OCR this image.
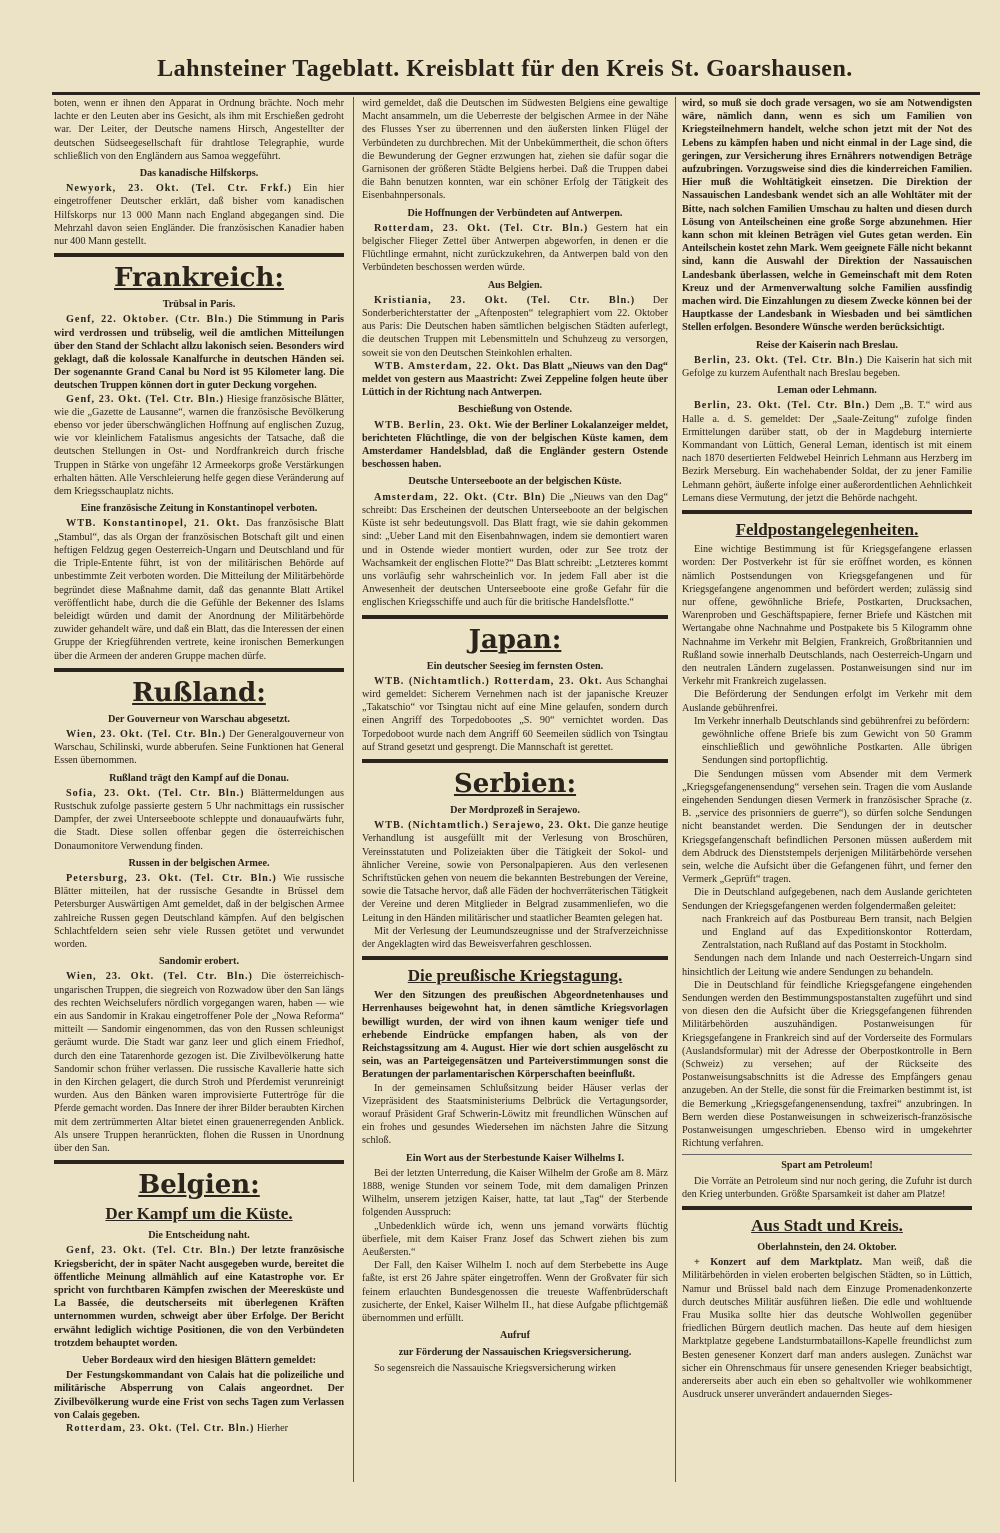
Lahnsteiner Tageblatt. Kreisblatt für den Kreis St. Goarshausen.

boten, wenn er ihnen den Apparat in Ordnung brächte. Noch mehr lachte er den Leuten aber ins Gesicht, als ihm mit Erschießen gedroht war. Der Leiter, der Deutsche namens Hirsch, Angestellter der deutschen Südseegesellschaft für drahtlose Telegraphie, wurde schließlich von den Engländern aus Samoa weggeführt.

Das kanadische Hilfskorps.

Newyork, 23. Okt. (Tel. Ctr. Frkf.) Ein hier eingetroffener Deutscher erklärt, daß bisher vom kanadischen Hilfskorps nur 13 000 Mann nach England abgegangen sind. Die Mehrzahl davon seien Engländer. Die französischen Kanadier haben nur 400 Mann gestellt.

Frankreich:
Trübsal in Paris.

Genf, 22. Oktober. (Ctr. Bln.) Die Stimmung in Paris wird verdrossen und trübselig, weil die amtlichen Mitteilungen über den Stand der Schlacht allzu lakonisch seien. Besonders wird geklagt, daß die kolossale Kanalfurche in deutschen Händen sei. Der sogenannte Grand Canal bu Nord ist 95 Kilometer lang. Die deutschen Truppen können dort in guter Deckung vorgehen.

Genf, 23. Okt. (Tel. Ctr. Bln.) Hiesige französische Blätter, wie die „Gazette de Lausanne“, warnen die französische Bevölkerung ebenso vor jeder überschwänglichen Hoffnung auf englischen Zuzug, wie vor kleinlichem Fatalismus angesichts der Tatsache, daß die deutschen Stellungen in Ost- und Nordfrankreich durch frische Truppen in Stärke von ungefähr 12 Armeekorps große Verstärkungen erhalten hätten. Alle Verschleierung helfe gegen diese Veränderung auf dem Kriegsschauplatz nichts.

Eine französische Zeitung in Konstantinopel verboten.

WTB. Konstantinopel, 21. Okt. Das französische Blatt „Stambul“, das als Organ der französischen Botschaft gilt und einen heftigen Feldzug gegen Oesterreich-Ungarn und Deutschland und für die Triple-Entente führt, ist von der militärischen Behörde auf unbestimmte Zeit verboten worden. Die Mitteilung der Militärbehörde begründet diese Maßnahme damit, daß das genannte Blatt Artikel veröffentlicht habe, durch die die Gefühle der Bekenner des Islams beleidigt würden und damit der Anordnung der Militärbehörde zuwider gehandelt wäre, und daß ein Blatt, das die Interessen der einen Gruppe der Kriegführenden vertrete, keine ironischen Bemerkungen über die Armeen der anderen Gruppe machen dürfe.

Rußland:
Der Gouverneur von Warschau abgesetzt.

Wien, 23. Okt. (Tel. Ctr. Bln.) Der Generalgouverneur von Warschau, Schilinski, wurde abberufen. Seine Funktionen hat General Essen übernommen.

Rußland trägt den Kampf auf die Donau.

Sofia, 23. Okt. (Tel. Ctr. Bln.) Blättermeldungen aus Rustschuk zufolge passierte gestern 5 Uhr nachmittags ein russischer Dampfer, der zwei Unterseeboote schleppte und donauaufwärts fuhr, die Stadt. Diese sollen offenbar gegen die österreichischen Donaumonitore Verwendung finden.

Russen in der belgischen Armee.

Petersburg, 23. Okt. (Tel. Ctr. Bln.) Wie russische Blätter mitteilen, hat der russische Gesandte in Brüssel dem Petersburger Auswärtigen Amt gemeldet, daß in der belgischen Armee zahlreiche Russen gegen Deutschland kämpfen. Auf den belgischen Schlachtfeldern seien sehr viele Russen getötet und verwundet worden.

Sandomir erobert.

Wien, 23. Okt. (Tel. Ctr. Bln.) Die österreichisch-ungarischen Truppen, die siegreich von Rozwadow über den San längs des rechten Weichselufers nördlich vorgegangen waren, haben — wie ein aus Sandomir in Krakau eingetroffener Pole der „Nowa Reforma“ mitteilt — Sandomir eingenommen, das von den Russen schleunigst geräumt wurde. Die Stadt war ganz leer und glich einem Friedhof, durch den eine Tatarenhorde gezogen ist. Die Zivilbevölkerung hatte Sandomir schon früher verlassen. Die russische Kavallerie hatte sich in den Kirchen gelagert, die durch Stroh und Pferdemist verunreinigt wurden. Aus den Bänken waren improvisierte Futtertröge für die Pferde gemacht worden. Das Innere der ihrer Bilder beraubten Kirchen mit dem zertrümmerten Altar bietet einen grauenerregenden Anblick. Als unsere Truppen heranrückten, flohen die Russen in Unordnung über den San.

Belgien:
Der Kampf um die Küste.
Die Entscheidung naht.

Genf, 23. Okt. (Tel. Ctr. Bln.) Der letzte französische Kriegsbericht, der in später Nacht ausgegeben wurde, bereitet die öffentliche Meinung allmählich auf eine Katastrophe vor. Er spricht von furchtbaren Kämpfen zwischen der Meeresküste und La Bassée, die deutscherseits mit überlegenen Kräften unternommen wurden, schweigt aber über Erfolge. Der Bericht erwähnt lediglich wichtige Positionen, die von den Verbündeten trotzdem behauptet worden.

Ueber Bordeaux wird den hiesigen Blättern gemeldet:

Der Festungskommandant von Calais hat die polizeiliche und militärische Absperrung von Calais angeordnet. Der Zivilbevölkerung wurde eine Frist von sechs Tagen zum Verlassen von Calais gegeben.

Rotterdam, 23. Okt. (Tel. Ctr. Bln.) Hierher

wird gemeldet, daß die Deutschen im Südwesten Belgiens eine gewaltige Macht ansammeln, um die Ueberreste der belgischen Armee in der Nähe des Flusses Yser zu überrennen und den äußersten linken Flügel der Verbündeten zu durchbrechen. Mit der Unbekümmertheit, die schon öfters die Bewunderung der Gegner erzwungen hat, ziehen sie dafür sogar die Garnisonen der größeren Städte Belgiens herbei. Daß die Truppen dabei die Bahn benutzen konnten, war ein schöner Erfolg der Tätigkeit des Eisenbahnpersonals.

Die Hoffnungen der Verbündeten auf Antwerpen.

Rotterdam, 23. Okt. (Tel. Ctr. Bln.) Gestern hat ein belgischer Flieger Zettel über Antwerpen abgeworfen, in denen er die Flüchtlinge ermahnt, nicht zurückzukehren, da Antwerpen bald von den Verbündeten beschossen werden würde.

Aus Belgien.

Kristiania, 23. Okt. (Tel. Ctr. Bln.) Der Sonderberichterstatter der „Aftenposten“ telegraphiert vom 22. Oktober aus Paris: Die Deutschen haben sämtlichen belgischen Städten auferlegt, die deutschen Truppen mit Lebensmitteln und Schuhzeug zu versorgen, soweit sie von den Deutschen Steinkohlen erhalten.

WTB. Amsterdam, 22. Okt. Das Blatt „Nieuws van den Dag“ meldet von gestern aus Maastricht: Zwei Zeppeline folgen heute über Lüttich in der Richtung nach Antwerpen.

Beschießung von Ostende.

WTB. Berlin, 23. Okt. Wie der Berliner Lokalanzeiger meldet, berichteten Flüchtlinge, die von der belgischen Küste kamen, dem Amsterdamer Handelsblad, daß die Engländer gestern Ostende beschossen haben.

Deutsche Unterseeboote an der belgischen Küste.

Amsterdam, 22. Okt. (Ctr. Bln) Die „Nieuws van den Dag“ schreibt: Das Erscheinen der deutschen Unterseeboote an der belgischen Küste ist sehr bedeutungsvoll. Das Blatt fragt, wie sie dahin gekommen sind: „Ueber Land mit den Eisenbahnwagen, indem sie demontiert waren und in Ostende wieder montiert wurden, oder zur See trotz der Wachsamkeit der englischen Flotte?“ Das Blatt schreibt: „Letzteres kommt uns vorläufig sehr wahrscheinlich vor. In jedem Fall aber ist die Anwesenheit der deutschen Unterseeboote eine große Gefahr für die englischen Kriegsschiffe und auch für die britische Handelsflotte.“

Japan:
Ein deutscher Seesieg im fernsten Osten.

WTB. (Nichtamtlich.) Rotterdam, 23. Okt. Aus Schanghai wird gemeldet: Sicherem Vernehmen nach ist der japanische Kreuzer „Takatschio“ vor Tsingtau nicht auf eine Mine gelaufen, sondern durch einen Angriff des Torpedobootes „S. 90“ vernichtet worden. Das Torpedoboot wurde nach dem Angriff 60 Seemeilen südlich von Tsingtau auf Strand gesetzt und gesprengt. Die Mannschaft ist gerettet.

Serbien:
Der Mordprozeß in Serajewo.

WTB. (Nichtamtlich.) Serajewo, 23. Okt. Die ganze heutige Verhandlung ist ausgefüllt mit der Verlesung von Broschüren, Vereinsstatuten und Polizeiakten über die Tätigkeit der Sokol- und ähnlicher Vereine, sowie von Personalpapieren. Aus den verlesenen Schriftstücken gehen von neuem die bekannten Bestrebungen der Vereine, sowie die Tatsache hervor, daß alle Fäden der hochverräterischen Tätigkeit der Vereine und deren Mitglieder in Belgrad zusammenliefen, wo die Leitung in den Händen militärischer und staatlicher Beamten gelegen hat.

Mit der Verlesung der Leumundszeugnisse und der Strafverzeichnisse der Angeklagten wird das Beweisverfahren geschlossen.

Die preußische Kriegstagung.

Wer den Sitzungen des preußischen Abgeordnetenhauses und Herrenhauses beigewohnt hat, in denen sämtliche Kriegsvorlagen bewilligt wurden, der wird von ihnen kaum weniger tiefe und erhebende Eindrücke empfangen haben, als von der Reichstagssitzung am 4. August. Hier wie dort schien ausgelöscht zu sein, was an Parteigegensätzen und Parteiverstimmungen sonst die Beratungen der parlamentarischen Körperschaften beeinflußt.

In der gemeinsamen Schlußsitzung beider Häuser verlas der Vizepräsident des Staatsministeriums Delbrück die Vertagungsorder, worauf Präsident Graf Schwerin-Löwitz mit freundlichen Wünschen auf ein frohes und gesundes Wiedersehen im nächsten Jahre die Sitzung schloß.

Ein Wort aus der Sterbestunde Kaiser Wilhelms I.

Bei der letzten Unterredung, die Kaiser Wilhelm der Große am 8. März 1888, wenige Stunden vor seinem Tode, mit dem damaligen Prinzen Wilhelm, unserem jetzigen Kaiser, hatte, tat laut „Tag“ der Sterbende folgenden Ausspruch:

„Unbedenklich würde ich, wenn uns jemand vorwärts flüchtig überfiele, mit dem Kaiser Franz Josef das Schwert ziehen bis zum Aeußersten.“

Der Fall, den Kaiser Wilhelm I. noch auf dem Sterbebette ins Auge faßte, ist erst 26 Jahre später eingetroffen. Wenn der Großvater für sich feinem erlauchten Bundesgenossen die treueste Waffenbrüderschaft zusicherte, der Enkel, Kaiser Wilhelm II., hat diese Aufgabe pflichtgemäß übernommen und erfüllt.

Aufruf
zur Förderung der Nassauischen Kriegsversicherung.

So segensreich die Nassauische Kriegsversicherung wirken

wird, so muß sie doch grade versagen, wo sie am Notwendigsten wäre, nämlich dann, wenn es sich um Familien von Kriegsteilnehmern handelt, welche schon jetzt mit der Not des Lebens zu kämpfen haben und nicht einmal in der Lage sind, die geringen, zur Versicherung ihres Ernährers notwendigen Beträge aufzubringen. Vorzugsweise sind dies die kinderreichen Familien. Hier muß die Wohltätigkeit einsetzen. Die Direktion der Nassauischen Landesbank wendet sich an alle Wohltäter mit der Bitte, nach solchen Familien Umschau zu halten und diesen durch Lösung von Anteilscheinen eine große Sorge abzunehmen. Hier kann schon mit kleinen Beträgen viel Gutes getan werden. Ein Anteilschein kostet zehn Mark. Wem geeignete Fälle nicht bekannt sind, kann die Auswahl der Direktion der Nassauischen Landesbank überlassen, welche in Gemeinschaft mit dem Roten Kreuz und der Armenverwaltung solche Familien aussfindig machen wird. Die Einzahlungen zu diesem Zwecke können bei der Hauptkasse der Landesbank in Wiesbaden und bei sämtlichen Stellen erfolgen. Besondere Wünsche werden berücksichtigt.

Reise der Kaiserin nach Breslau.

Berlin, 23. Okt. (Tel. Ctr. Bln.) Die Kaiserin hat sich mit Gefolge zu kurzem Aufenthalt nach Breslau begeben.

Leman oder Lehmann.

Berlin, 23. Okt. (Tel. Ctr. Bln.) Dem „B. T.“ wird aus Halle a. d. S. gemeldet: Der „Saale-Zeitung“ zufolge finden Ermittelungen darüber statt, ob der in Magdeburg internierte Kommandant von Lüttich, General Leman, identisch ist mit einem nach 1870 desertierten Feldwebel Heinrich Lehmann aus Herzberg im Bezirk Merseburg. Ein wachehabender Soldat, der zu jener Familie Lehmann gehört, äußerte infolge einer außerordentlichen Aehnlichkeit Lemans diese Vermutung, der jetzt die Behörde nachgeht.

Feldpostangelegenheiten.

Eine wichtige Bestimmung ist für Kriegsgefangene erlassen worden: Der Postverkehr ist für sie eröffnet worden, es können nämlich Postsendungen von Kriegsgefangenen und für Kriegsgefangene angenommen und befördert werden; zulässig sind nur offene, gewöhnliche Briefe, Postkarten, Drucksachen, Warenproben und Geschäftspapiere, ferner Briefe und Kästchen mit Wertangabe ohne Nachnahme und Postpakete bis 5 Kilogramm ohne Nachnahme im Verkehr mit Belgien, Frankreich, Großbritannien und Rußland sowie innerhalb Deutschlands, nach Oesterreich-Ungarn und den neutralen Ländern zugelassen. Postanweisungen sind nur im Verkehr mit Frankreich zugelassen.

Die Beförderung der Sendungen erfolgt im Verkehr mit dem Auslande gebührenfrei.

Im Verkehr innerhalb Deutschlands sind gebührenfrei zu befördern:

gewöhnliche offene Briefe bis zum Gewicht von 50 Gramm einschließlich und gewöhnliche Postkarten. Alle übrigen Sendungen sind portopflichtig.

Die Sendungen müssen vom Absender mit dem Vermerk „Kriegsgefangenensendung“ versehen sein. Tragen die vom Auslande eingehenden Sendungen diesen Vermerk in französischer Sprache (z. B. „service des prisonniers de guerre“), so dürfen solche Sendungen nicht beanstandet werden. Die Sendungen der in deutscher Kriegsgefangenschaft befindlichen Personen müssen außerdem mit dem Abdruck des Dienststempels derjenigen Militärbehörde versehen sein, welche die Aufsicht über die Gefangenen führt, und ferner den Vermerk „Geprüft“ tragen.

Die in Deutschland aufgegebenen, nach dem Auslande gerichteten Sendungen der Kriegsgefangenen werden folgendermaßen geleitet:

nach Frankreich auf das Postbureau Bern transit, nach Belgien und England auf das Expeditionskontor Rotterdam, Zentralstation, nach Rußland auf das Postamt in Stockholm.

Sendungen nach dem Inlande und nach Oesterreich-Ungarn sind hinsichtlich der Leitung wie andere Sendungen zu behandeln.

Die in Deutschland für feindliche Kriegsgefangene eingehenden Sendungen werden den Bestimmungspostanstalten zugeführt und sind von diesen den die Aufsicht über die Kriegsgefangenen führenden Militärbehörden auszuhändigen. Postanweisungen für Kriegsgefangene in Frankreich sind auf der Vorderseite des Formulars (Auslandsformular) mit der Adresse der Oberpostkontrolle in Bern (Schweiz) zu versehen; auf der Rückseite des Postanweisungsabschnitts ist die Adresse des Empfängers genau anzugeben. An der Stelle, die sonst für die Freimarken bestimmt ist, ist die Bemerkung „Kriegsgefangenensendung, taxfrei“ anzubringen. In Bern werden diese Postanweisungen in schweizerisch-französische Postanweisungen umgeschrieben. Ebenso wird in umgekehrter Richtung verfahren.

Spart am Petroleum!

Die Vorräte an Petroleum sind nur noch gering, die Zufuhr ist durch den Krieg unterbunden. Größte Sparsamkeit ist daher am Platze!

Aus Stadt und Kreis.
Oberlahnstein, den 24. Oktober.

+ Konzert auf dem Marktplatz. Man weiß, daß die Militärbehörden in vielen eroberten belgischen Städten, so in Lüttich, Namur und Brüssel bald nach dem Einzuge Promenadenkonzerte durch deutsches Militär ausführen ließen. Die edle und wohltuende Frau Musika sollte hier das deutsche Wohlwollen gegenüber friedlichen Bürgern deutlich machen. Das heute auf dem hiesigen Marktplatze gegebene Landsturmbataillons-Kapelle freundlichst zum Besten genesener Konzert darf man anders auslegen. Zunächst war sicher ein Ohrenschmaus für unsere genesenden Krieger beabsichtigt, andererseits aber auch ein eben so gehaltvoller wie wohlkommener Ausdruck unserer unverändert andauernden Sieges-
